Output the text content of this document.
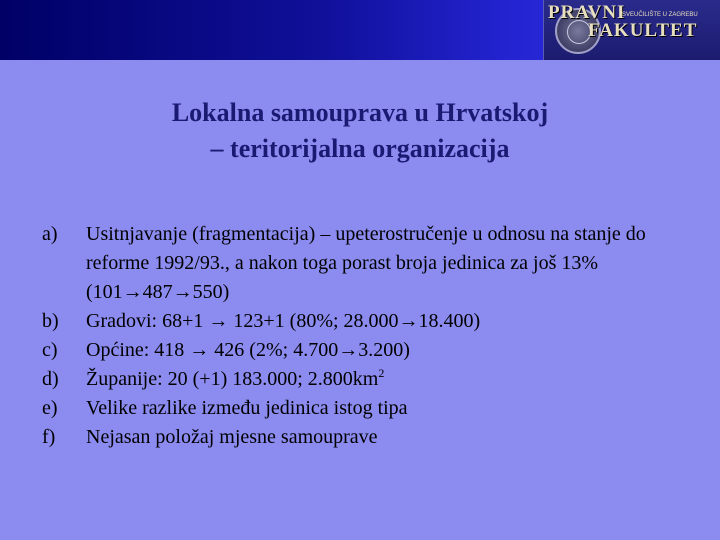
PRAVNI
SVEUČILIŠTE U ZAGREBU
FAKULTET
Lokalna samouprava u Hrvatskoj
– teritorijalna organizacija
a)	Usitnjavanje (fragmentacija) – upeterostručenje u odnosu na stanje do reforme 1992/93., a nakon toga porast broja jedinica za još 13% (101→487→550)
b)	Gradovi: 68+1 → 123+1 (80%; 28.000→18.400)
c)	Općine: 418 → 426 (2%; 4.700→3.200)
d)	Županije: 20 (+1) 183.000; $2.800km^2$
e)	Velike razlike između jedinica istog tipa
f)	Nejasan položaj mjesne samouprave
